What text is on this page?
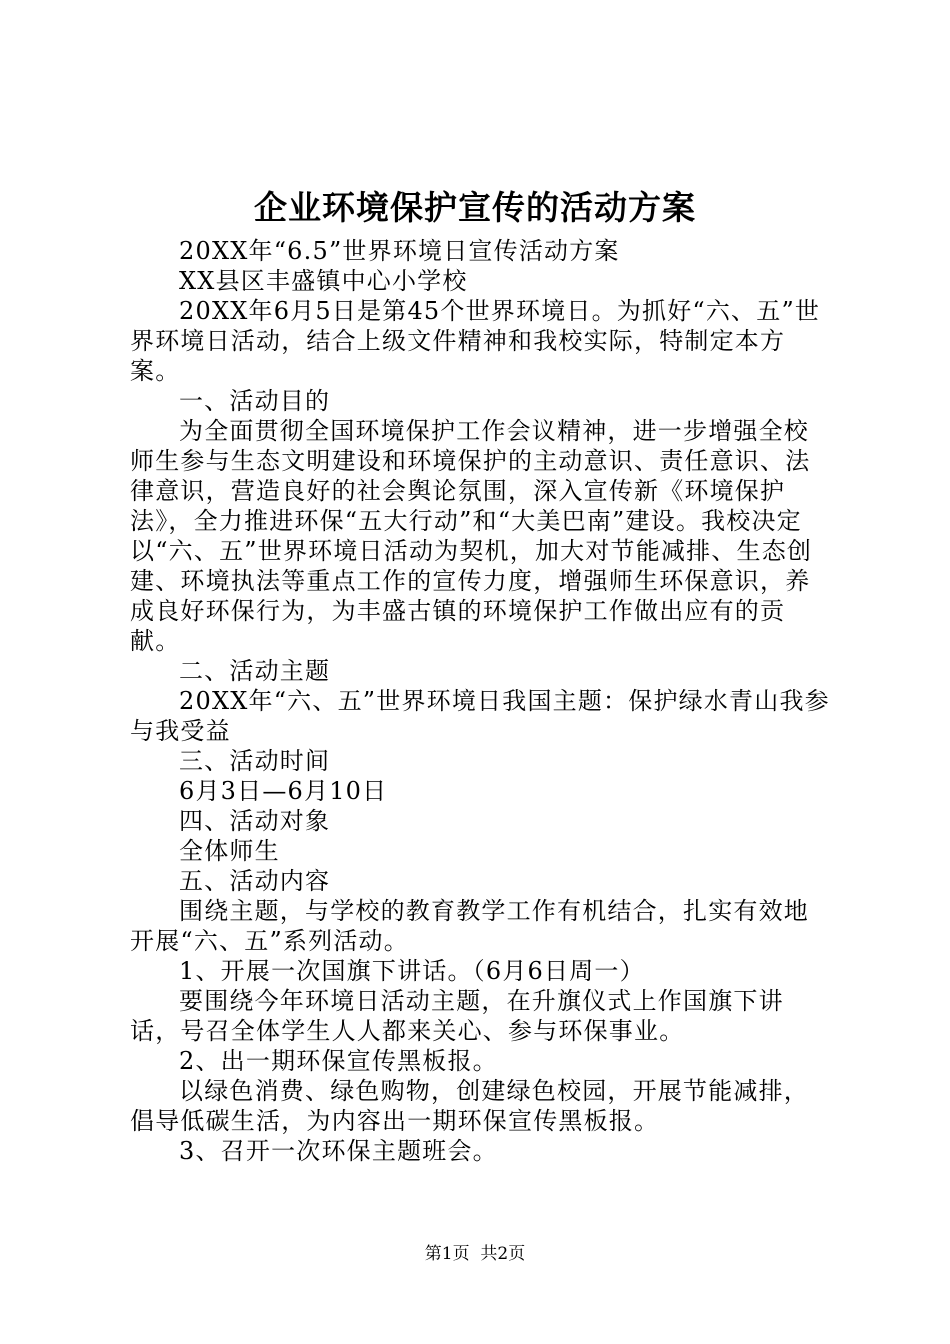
企业环境保护宣传的活动方案

20XX年“6.5”世界环境日宣传活动方案

XX县区丰盛镇中心小学校

20XX年6月5日是第45个世界环境日。为抓好“六、五”世界环境日活动，结合上级文件精神和我校实际，特制定本方案。

一、活动目的

为全面贯彻全国环境保护工作会议精神，进一步增强全校师生参与生态文明建设和环境保护的主动意识、责任意识、法律意识，营造良好的社会舆论氛围，深入宣传新《环境保护法》，全力推进环保“五大行动”和“大美巴南”建设。我校决定以“六、五”世界环境日活动为契机，加大对节能减排、生态创建、环境执法等重点工作的宣传力度，增强师生环保意识，养成良好环保行为，为丰盛古镇的环境保护工作做出应有的贡献。

二、活动主题

20XX年“六、五”世界环境日我国主题：保护绿水青山我参与我受益

三、活动时间

6月3日—6月10日

四、活动对象

全体师生

五、活动内容

围绕主题，与学校的教育教学工作有机结合，扎实有效地开展“六、五”系列活动。

1、开展一次国旗下讲话。（6月6日周一）

要围绕今年环境日活动主题，在升旗仪式上作国旗下讲话，号召全体学生人人都来关心、参与环保事业。

2、出一期环保宣传黑板报。

以绿色消费、绿色购物，创建绿色校园，开展节能减排，倡导低碳生活，为内容出一期环保宣传黑板报。

3、召开一次环保主题班会。

第1页 共2页
